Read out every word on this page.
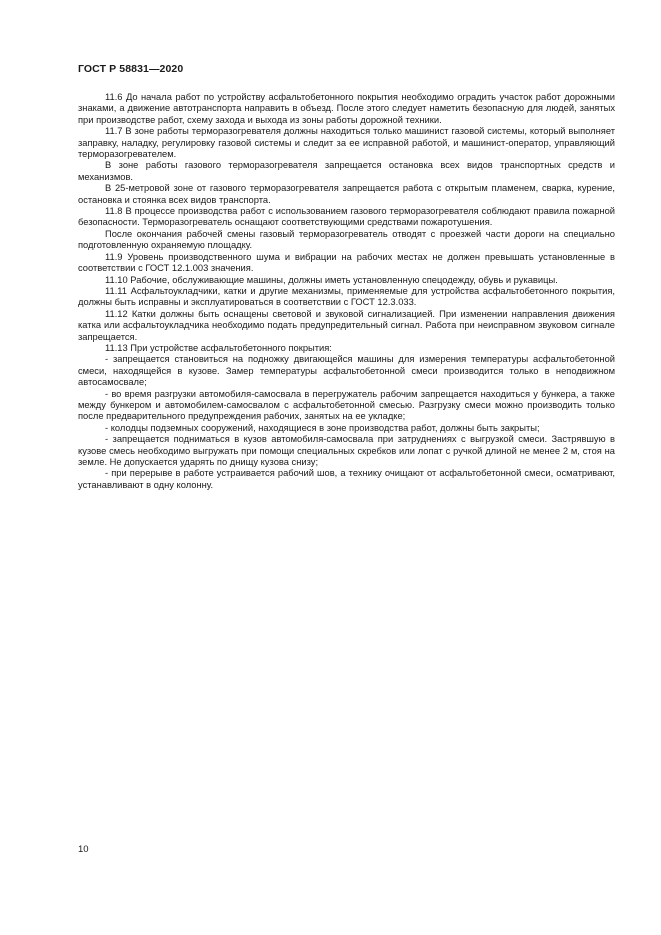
ГОСТ Р 58831—2020

11.6 До начала работ по устройству асфальтобетонного покрытия необходимо оградить участок работ дорожными знаками, а движение автотранспорта направить в объезд. После этого следует наметить безопасную для людей, занятых при производстве работ, схему захода и выхода из зоны работы дорожной техники.

11.7 В зоне работы терморазогревателя должны находиться только машинист газовой системы, который выполняет заправку, наладку, регулировку газовой системы и следит за ее исправной работой, и машинист-оператор, управляющий терморазогревателем.

В зоне работы газового терморазогревателя запрещается остановка всех видов транспортных средств и механизмов.

В 25-метровой зоне от газового терморазогревателя запрещается работа с открытым пламенем, сварка, курение, остановка и стоянка всех видов транспорта.

11.8 В процессе производства работ с использованием газового терморазогревателя соблюдают правила пожарной безопасности. Терморазогреватель оснащают соответствующими средствами пожаротушения.

После окончания рабочей смены газовый терморазогреватель отводят с проезжей части дороги на специально подготовленную охраняемую площадку.

11.9 Уровень производственного шума и вибрации на рабочих местах не должен превышать установленные в соответствии с ГОСТ 12.1.003 значения.

11.10 Рабочие, обслуживающие машины, должны иметь установленную спецодежду, обувь и рукавицы.

11.11 Асфальтоукладчики, катки и другие механизмы, применяемые для устройства асфальтобетонного покрытия, должны быть исправны и эксплуатироваться в соответствии с ГОСТ 12.3.033.

11.12 Катки должны быть оснащены световой и звуковой сигнализацией. При изменении направления движения катка или асфальтоукладчика необходимо подать предупредительный сигнал. Работа при неисправном звуковом сигнале запрещается.

11.13 При устройстве асфальтобетонного покрытия:

- запрещается становиться на подножку двигающейся машины для измерения температуры асфальтобетонной смеси, находящейся в кузове. Замер температуры асфальтобетонной смеси производится только в неподвижном автосамосвале;

- во время разгрузки автомобиля-самосвала в перегружатель рабочим запрещается находиться у бункера, а также между бункером и автомобилем-самосвалом с асфальтобетонной смесью. Разгрузку смеси можно производить только после предварительного предупреждения рабочих, занятых на ее укладке;

- колодцы подземных сооружений, находящиеся в зоне производства работ, должны быть закрыты;

- запрещается подниматься в кузов автомобиля-самосвала при затруднениях с выгрузкой смеси. Застрявшую в кузове смесь необходимо выгружать при помощи специальных скребков или лопат с ручкой длиной не менее 2 м, стоя на земле. Не допускается ударять по днищу кузова снизу;

- при перерыве в работе устраивается рабочий шов, а технику очищают от асфальтобетонной смеси, осматривают, устанавливают в одну колонну.

10
